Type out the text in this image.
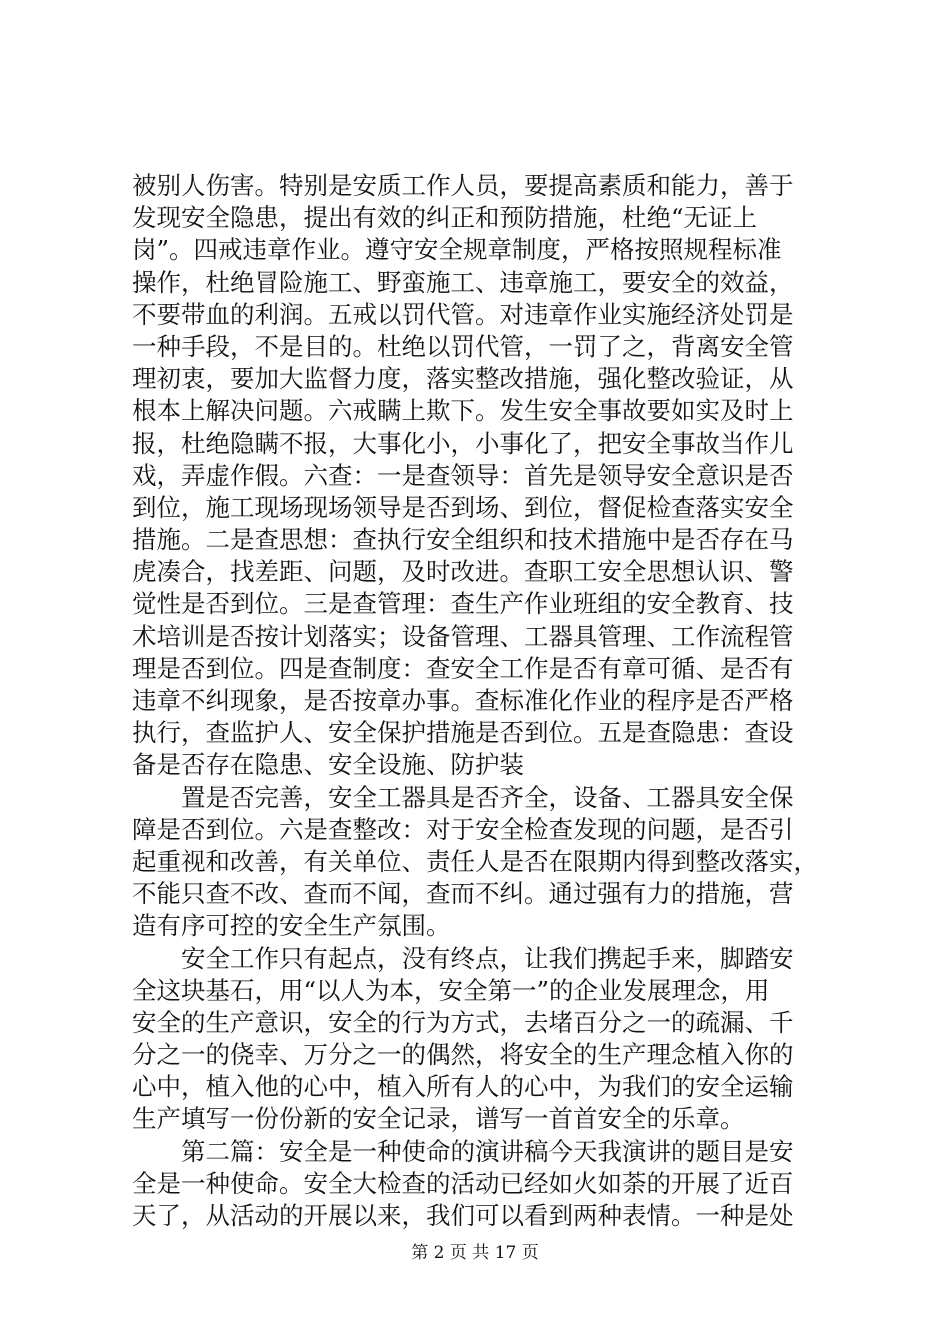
被别人伤害。特别是安质工作人员，要提高素质和能力，善于
发现安全隐患，提出有效的纠正和预防措施，杜绝“无证上
岗”。四戒违章作业。遵守安全规章制度，严格按照规程标准
操作，杜绝冒险施工、野蛮施工、违章施工，要安全的效益，
不要带血的利润。五戒以罚代管。对违章作业实施经济处罚是
一种手段，不是目的。杜绝以罚代管，一罚了之，背离安全管
理初衷，要加大监督力度，落实整改措施，强化整改验证，从
根本上解决问题。六戒瞒上欺下。发生安全事故要如实及时上
报，杜绝隐瞒不报，大事化小，小事化了，把安全事故当作儿
戏，弄虚作假。六查：一是查领导：首先是领导安全意识是否
到位，施工现场现场领导是否到场、到位，督促检查落实安全
措施。二是查思想：查执行安全组织和技术措施中是否存在马
虎凑合，找差距、问题，及时改进。查职工安全思想认识、警
觉性是否到位。三是查管理：查生产作业班组的安全教育、技
术培训是否按计划落实；设备管理、工器具管理、工作流程管
理是否到位。四是查制度：查安全工作是否有章可循、是否有
违章不纠现象，是否按章办事。查标准化作业的程序是否严格
执行，查监护人、安全保护措施是否到位。五是查隐患：查设
备是否存在隐患、安全设施、防护装
　　置是否完善，安全工器具是否齐全，设备、工器具安全保
障是否到位。六是查整改：对于安全检查发现的问题，是否引
起重视和改善，有关单位、责任人是否在限期内得到整改落实，
不能只查不改、查而不闻，查而不纠。通过强有力的措施，营
造有序可控的安全生产氛围。
　　安全工作只有起点，没有终点，让我们携起手来，脚踏安
全这块基石，用“以人为本，安全第一”的企业发展理念，用
安全的生产意识，安全的行为方式，去堵百分之一的疏漏、千
分之一的侥幸、万分之一的偶然，将安全的生产理念植入你的
心中，植入他的心中，植入所有人的心中，为我们的安全运输
生产填写一份份新的安全记录，谱写一首首安全的乐章。
　　第二篇：安全是一种使命的演讲稿今天我演讲的题目是安
全是一种使命。安全大检查的活动已经如火如荼的开展了近百
天了，从活动的开展以来，我们可以看到两种表情。一种是处
第 2 页 共 17 页
